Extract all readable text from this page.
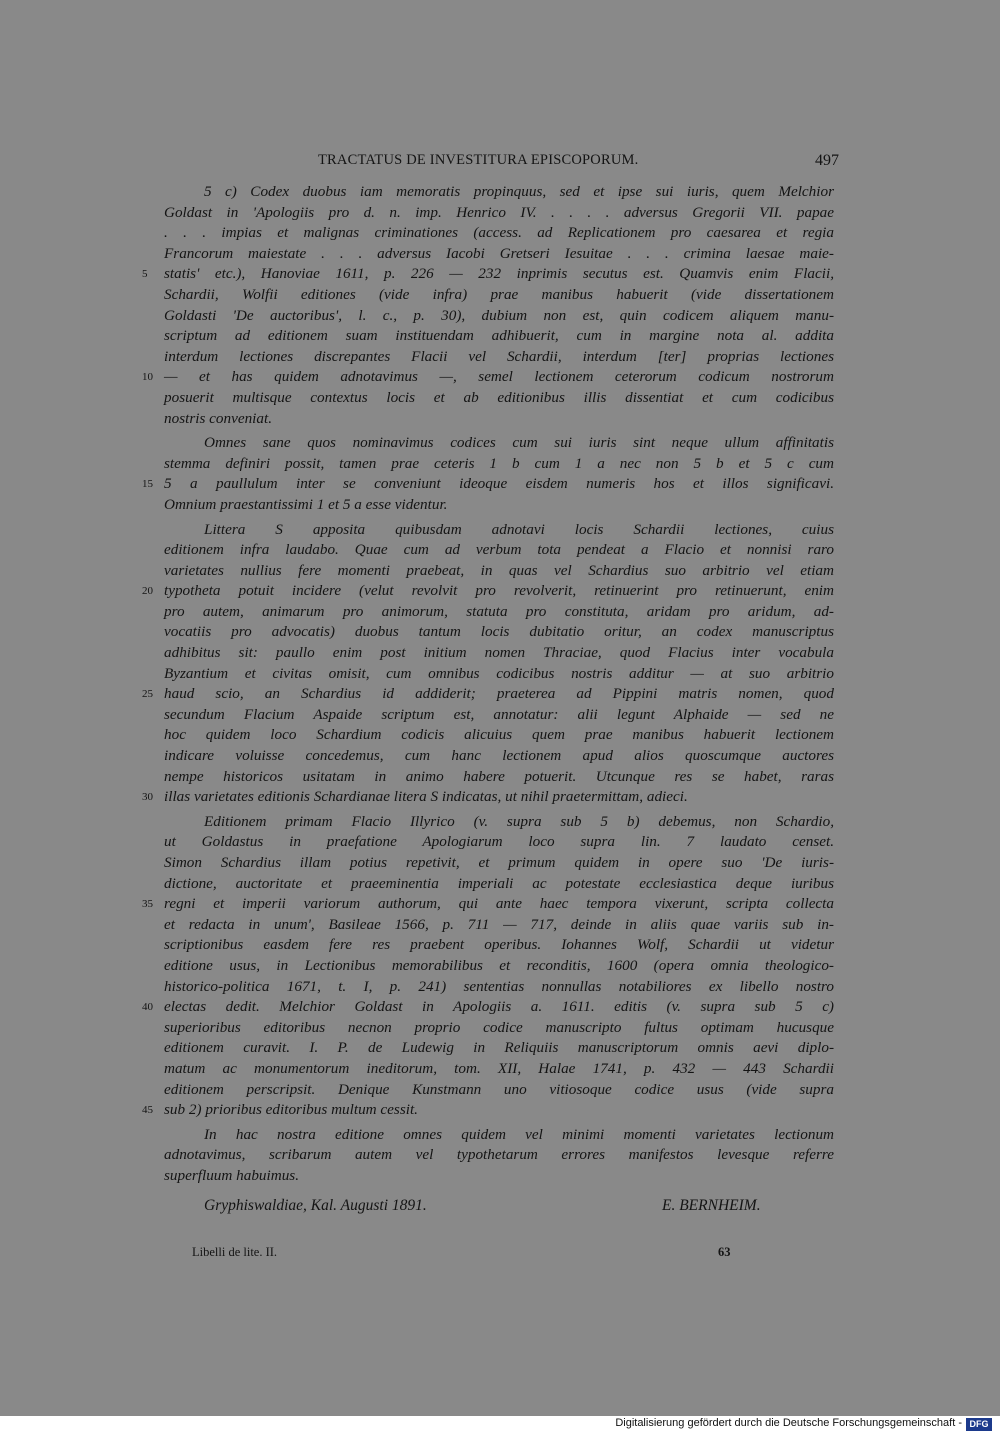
TRACTATUS DE INVESTITURA EPISCOPORUM.	497
5 c) Codex duobus iam memoratis propinquus, sed et ipse sui iuris, quem Melchior
Goldast in 'Apologiis pro d. n. imp. Henrico IV. . . . . adversus Gregorii VII. papae
. . . impias et malignas criminationes (access. ad Replicationem pro caesarea et regia
Francorum maiestate . . . adversus Iacobi Gretseri Iesuitae . . . crimina laesae maie-
5 statis' etc.), Hanoviae 1611, p. 226 — 232 inprimis secutus est. Quamvis enim Flacii,
Schardii, Wolfii editiones (vide infra) prae manibus habuerit (vide dissertationem
Goldasti 'De auctoribus', l. c., p. 30), dubium non est, quin codicem aliquem manu-
scriptum ad editionem suam instituendam adhibuerit, cum in margine nota al. addita
interdum lectiones discrepantes Flacii vel Schardii, interdum [ter] proprias lectiones
10 — et has quidem adnotavimus —, semel lectionem ceterorum codicum nostrorum
posuerit multisque contextus locis et ab editionibus illis dissentiat et cum codicibus
nostris conveniat.
Omnes sane quos nominavimus codices cum sui iuris sint neque ullum affinitatis
stemma definiri possit, tamen prae ceteris 1 b cum 1 a nec non 5 b et 5 c cum
15 5 a paullulum inter se conveniunt ideoque eisdem numeris hos et illos significavi.
Omnium praestantissimi 1 et 5 a esse videntur.
Littera S apposita quibusdam adnotavi locis Schardii lectiones, cuius
editionem infra laudabo. Quae cum ad verbum tota pendeat a Flacio et nonnisi raro
varietates nullius fere momenti praebeat, in quas vel Schardius suo arbitrio vel etiam
20 typotheta potuit incidere (velut revolvit pro revolverit, retinuerint pro retinuerunt, enim
pro autem, animarum pro animorum, statuta pro constituta, aridam pro aridum, ad-
vocatiis pro advocatis) duobus tantum locis dubitatio oritur, an codex manuscriptus
adhibitus sit: paullo enim post initium nomen Thraciae, quod Flacius inter vocabula
Byzantium et civitas omisit, cum omnibus codicibus nostris additur — at suo arbitrio
25 haud scio, an Schardius id addiderit; praeterea ad Pippini matris nomen, quod
secundum Flacium Aspaide scriptum est, annotatur: alii legunt Alphaide — sed ne
hoc quidem loco Schardium codicis alicuius quem prae manibus habuerit lectionem
indicare voluisse concedemus, cum hanc lectionem apud alios quoscumque auctores
nempe historicos usitatam in animo habere potuerit. Utcunque res se habet, raras
30 illas varietates editionis Schardianae litera S indicatas, ut nihil praetermittam, adieci.
Editionem primam Flacio Illyrico (v. supra sub 5 b) debemus, non Schardio,
ut Goldastus in praefatione Apologiarum loco supra lin. 7 laudato censet.
Simon Schardius illam potius repetivit, et primum quidem in opere suo 'De iuris-
dictione, auctoritate et praeeminentia imperiali ac potestate ecclesiastica deque iuribus
35 regni et imperii variorum authorum, qui ante haec tempora vixerunt, scripta collecta
et redacta in unum', Basileae 1566, p. 711 — 717, deinde in aliis quae variis sub in-
scriptionibus easdem fere res praebent operibus. Iohannes Wolf, Schardii ut videtur
editione usus, in Lectionibus memorabilibus et reconditis, 1600 (opera omnia theologico-
historico-politica 1671, t. I, p. 241) sententias nonnullas notabiliores ex libello nostro
40 electas dedit. Melchior Goldast in Apologiis a. 1611. editis (v. supra sub 5 c)
superioribus editoribus necnon proprio codice manuscripto fultus optimam hucusque
editionem curavit. I. P. de Ludewig in Reliquiis manuscriptorum omnis aevi diplo-
matum ac monumentorum ineditorum, tom. XII, Halae 1741, p. 432 — 443 Schardii
editionem perscripsit. Denique Kunstmann uno vitiosoque codice usus (vide supra
45 sub 2) prioribus editoribus multum cessit.
In hac nostra editione omnes quidem vel minimi momenti varietates lectionum
adnotavimus, scribarum autem vel typothetarum errores manifestos levesque referre
superfluum habuimus.
Gryphiswaldiae, Kal. Augusti 1891.	E. BERNHEIM.
Libelli de lite. II.	63
Digitalisierung gefördert durch die Deutsche Forschungsgemeinschaft - DFG
